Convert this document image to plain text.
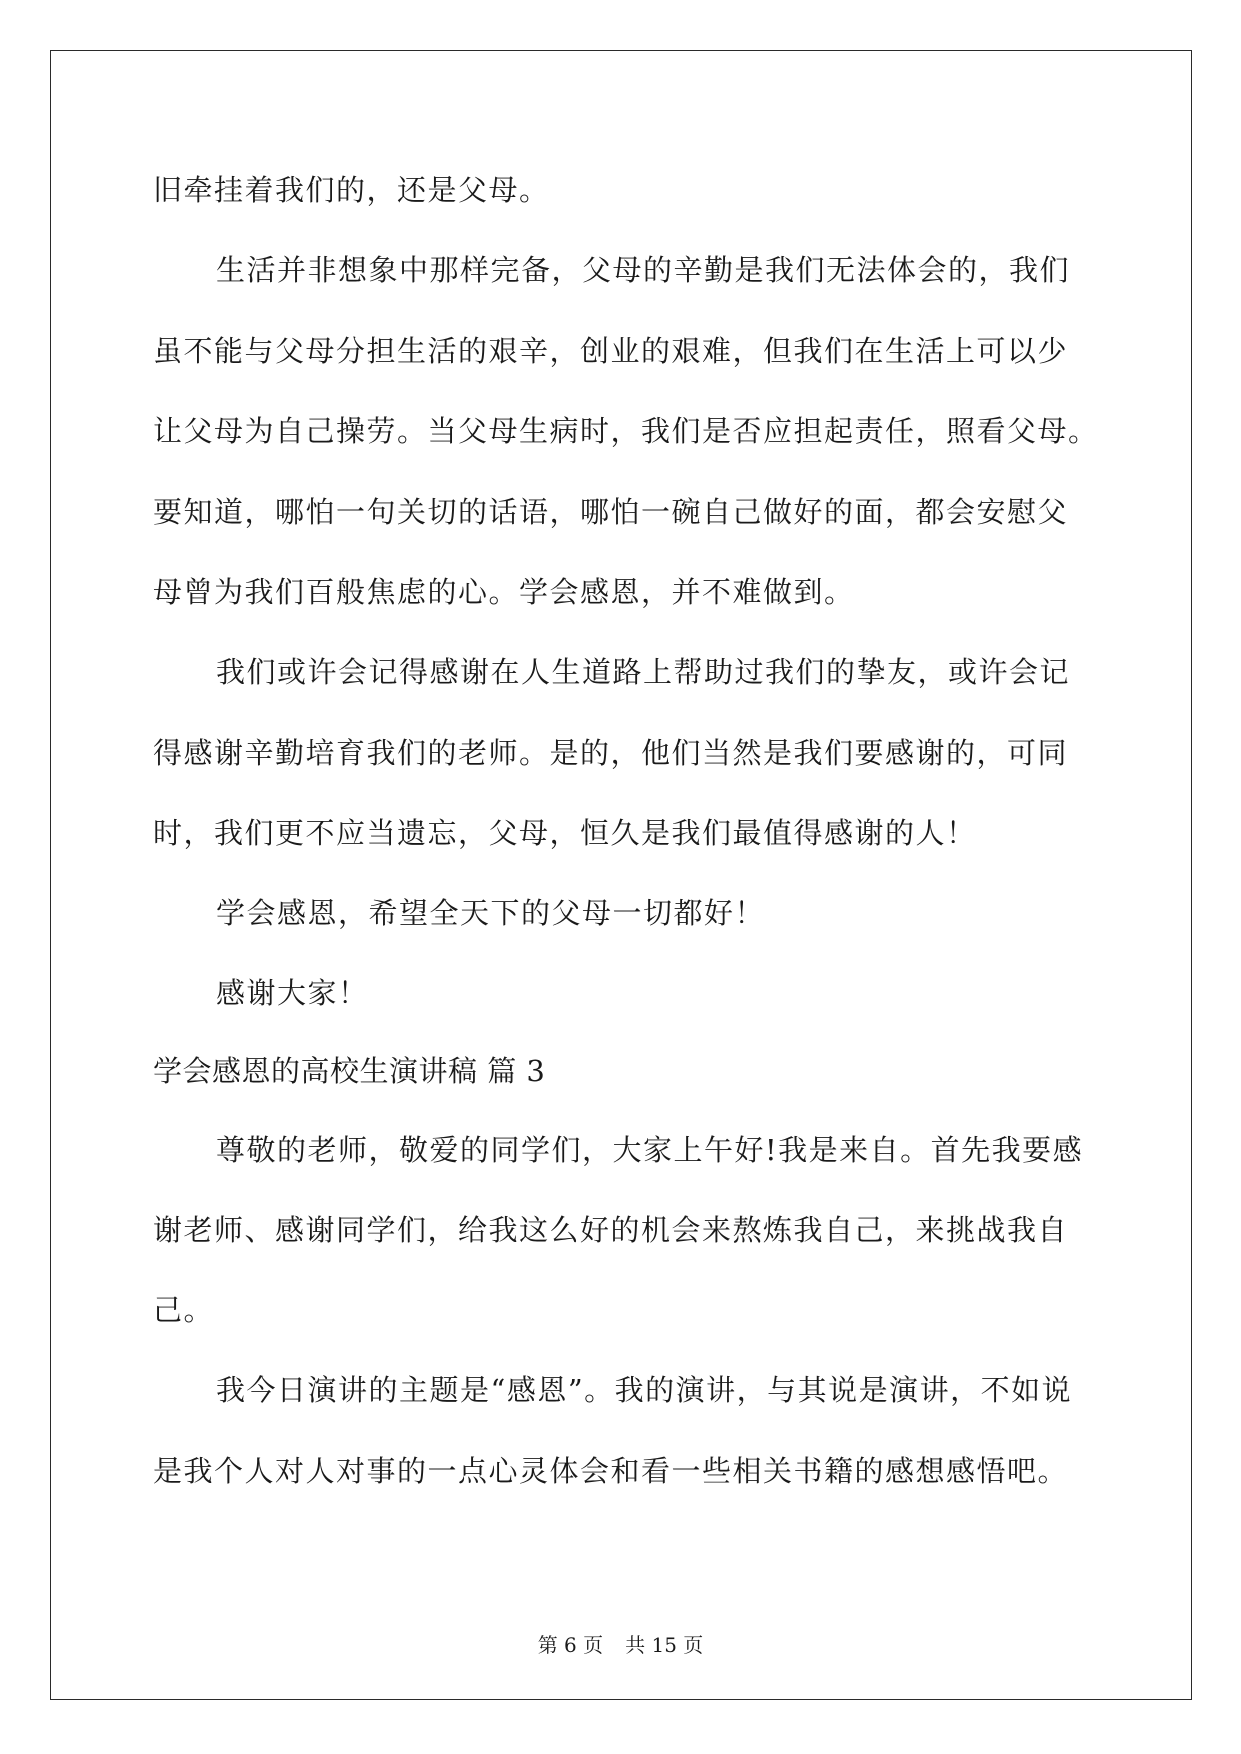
旧牵挂着我们的，还是父母。
生活并非想象中那样完备，父母的辛勤是我们无法体会的，我们
虽不能与父母分担生活的艰辛，创业的艰难，但我们在生活上可以少
让父母为自己操劳。当父母生病时，我们是否应担起责任，照看父母。
要知道，哪怕一句关切的话语，哪怕一碗自己做好的面，都会安慰父
母曾为我们百般焦虑的心。学会感恩，并不难做到。
我们或许会记得感谢在人生道路上帮助过我们的挚友，或许会记
得感谢辛勤培育我们的老师。是的，他们当然是我们要感谢的，可同
时，我们更不应当遗忘，父母，恒久是我们最值得感谢的人！
学会感恩，希望全天下的父母一切都好！
感谢大家！
学会感恩的高校生演讲稿 篇 3
尊敬的老师，敬爱的同学们，大家上午好!我是来自。首先我要感
谢老师、感谢同学们，给我这么好的机会来熬炼我自己，来挑战我自
己。
我今日演讲的主题是“感恩”。我的演讲，与其说是演讲，不如说
是我个人对人对事的一点心灵体会和看一些相关书籍的感想感悟吧。
第 6 页 共 15 页
